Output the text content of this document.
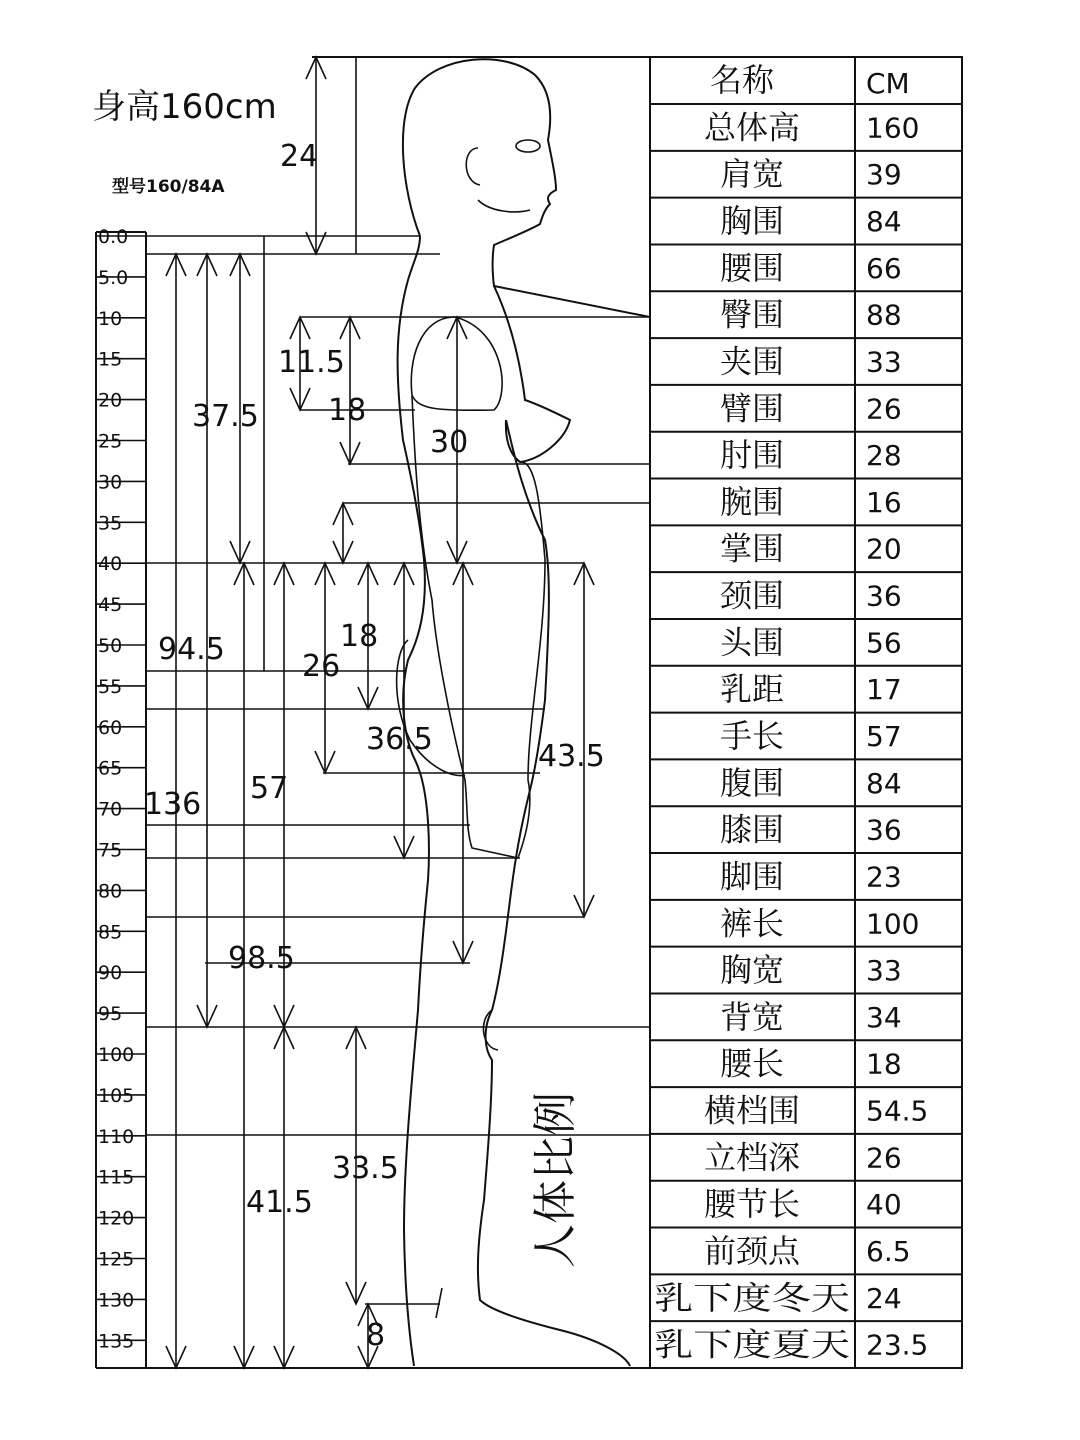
身高160cm
型号160/84A
0.0
5.0
10
15
20
25
30
35
40
45
50
55
60
65
70
75
80
85
90
95
100
105
110
115
120
125
130
135
人体比例
24
11.5
18
30
37.5
18
26
36.5	43.5
94.5
57
136
98.5
41.5
33.5
8
名称	CM
总体高 160
肩宽	39
胸围	84
腰围	66
臀围	88
夹围	33
臂围	26
肘围	28
腕围	16
掌围	20
颈围	36
头围	56
乳距	17
手长	57
腹围	84
膝围	36
脚围	23
裤长	100
胸宽	33
背宽	34
腰长	18
横档围 54.5
立档深 26
腰节长 40
前颈点 6.5
乳下度冬天 24
乳下度夏天 23.5
